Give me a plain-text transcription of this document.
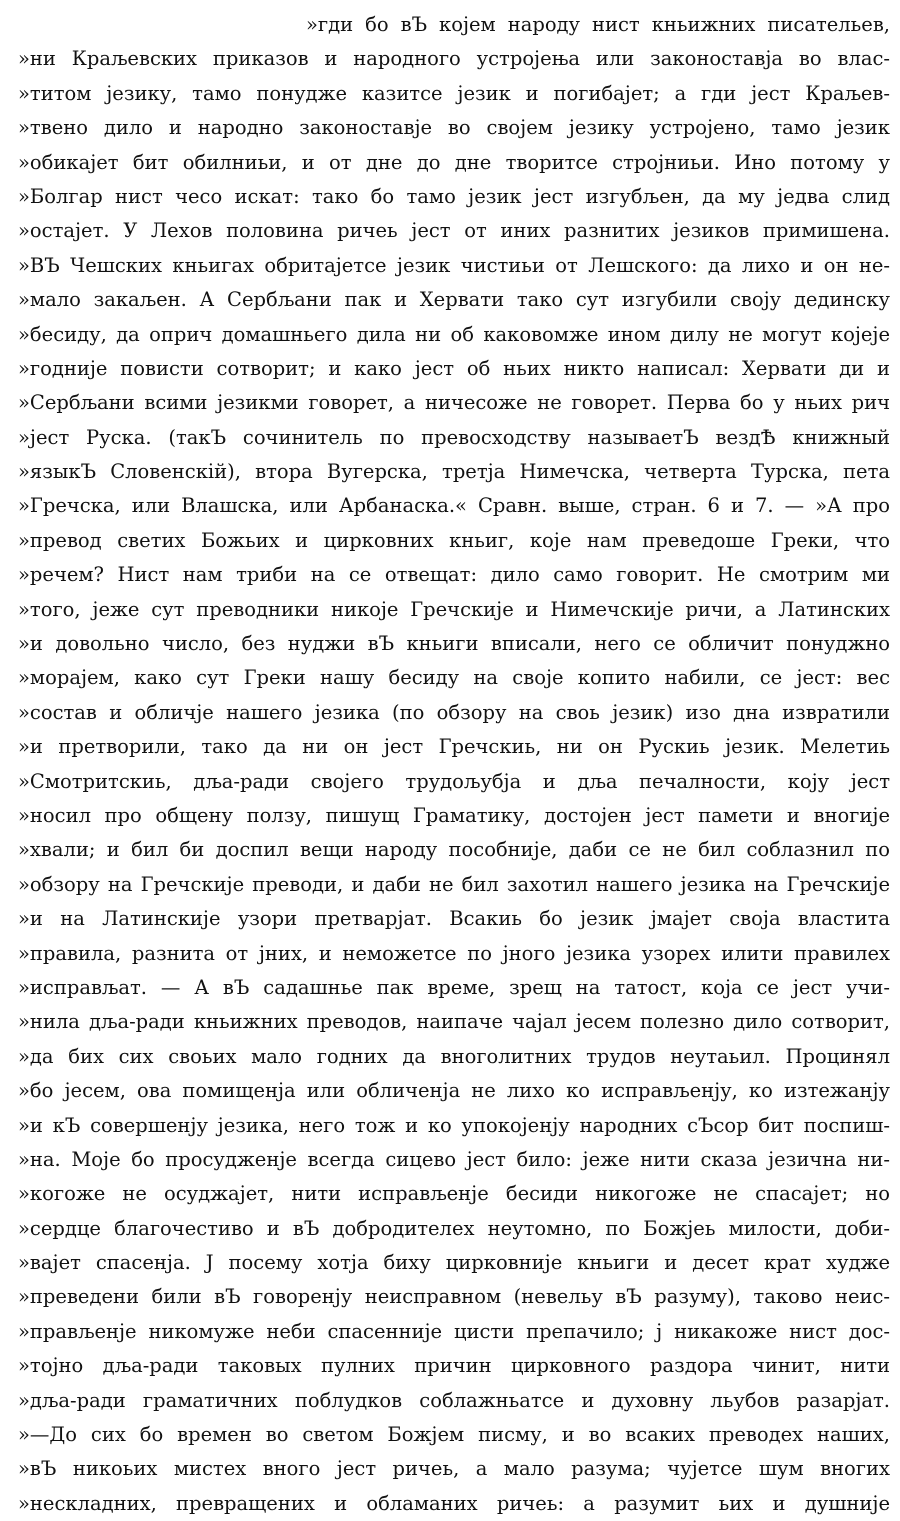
»гди бо вЪ којем народу нист кньижних писательев,
»ни Краљевских приказов и народного устројења или законоставја во влас-
»титом језику, тамо понудже казитсе језик и погибајет; а гди јест Краљев-
»твено дило и народно законоставје во својем језику устројено, тамо језик
»обикајет бит обилниьи, и от дне до дне творитсе стројниьи. Ино потому у
»Болгар нист чесо искат: тако бо тамо језик јест изгубљен, да му једва слид
»остајет. У Лехов половина ричеь јест от иних разнитих језиков примишена.
»ВЪ Чешских кньигах обритајетсе језик чистиьи от Лешского: да лихо и он не-
»мало закаљен. А Сербљани пак и Хервати тако сут изгубили своју дединску
»бесиду, да оприч домашньего дила ни об каковомже ином дилу не могут којеје
»годније повисти сотворит; и како јест об ньих никто написал: Хервати ди и
»Сербљани всими језикми говорет, а ничесоже не говорет. Перва бо у ньих рич
»јест Руска. (такЪ сочинитель по превосходству называетЪ вездѢ книжный
»языкЪ Словенскій), втора Вугерска, третја Нимечска, четверта Турска, пета
»Гречска, или Влашска, или Арбанаска.« Сравн. выше, стран. 6 и 7. — »А про
»превод светих Божьих и цирковних кньиг, које нам преведоше Греки, что
»речем? Нист нам триби на се отвещат: дило само говорит. Не смотрим ми
»того, јеже сут преводники никоје Гречскије и Нимечскије ричи, а Латинских
»и довольно число, без нуджи вЪ кньиги вписали, него се обличит понуджно
»морајем, како сут Греки нашу бесиду на своје копито набили, се јест: вес
»состав и обличје нашего језика (по обзору на своь језик) изо дна извратили
»и претворили, тако да ни он јест Гречскиь, ни он Рускиь језик. Мелетиь
»Смотритскиь, дља-ради својего трудољубја и дља печалности, коју јест
»носил про общену ползу, пишущ Граматику, достојен јест памети и вногије
»хвали; и бил би доспил вещи народу пособније, даби се не бил соблазнил по
»обзору на Гречскије преводи, и даби не бил захотил нашего језика на Гречскије
»и на Латинскије узори претварјат. Всакиь бо језик јмајет своја властита
»правила, разнита от јних, и неможетсе по јного језика узорех илити правилех
»исправљат. — А вЪ садашнье пак време, зрещ на татост, која се јест учи-
»нила дља-ради кньижних преводов, наипаче чајал јесем полезно дило сотворит,
»да бих сих своьих мало годних да вноголитних трудов неутаьил. Процинял
»бо јесем, ова помищенја или обличенја не лихо ко исправљенју, ко изтежанју
»и кЪ совершенју језика, него тож и ко упокојенју народних сЪсор бит поспиш-
»на. Моје бо просудженје всегда сицево јест било: јеже нити сказа језична ни-
»когоже не осуджајет, нити исправљенје бесиди никогоже не спасајет; но
»сердце благочестиво и вЪ добродителех неутомно, по Божјеь милости, доби-
»вајет спасенја. Ј посему хотја биху цирковније кньиги и десет крат худже
»преведени били вЪ говоренју неисправном (невельу вЪ разуму), таково неис-
»прављенје никомуже неби спасенније цисти препачило; ј никакоже нист дос-
»тојно дља-ради таковых пулних причин цирковного раздора чинит, нити
»дља-ради граматичних поблудков соблажньатсе и духовну льубов разарјат.
»—До сих бо времен во светом Божјем писму, и во всаких преводех наших,
»вЪ никоьих мистех вного јест ричеь, а мало разума; чујетсе шум вногих
»нескладних, превращених и обламаних ричеь: а разумит ьих и душније
